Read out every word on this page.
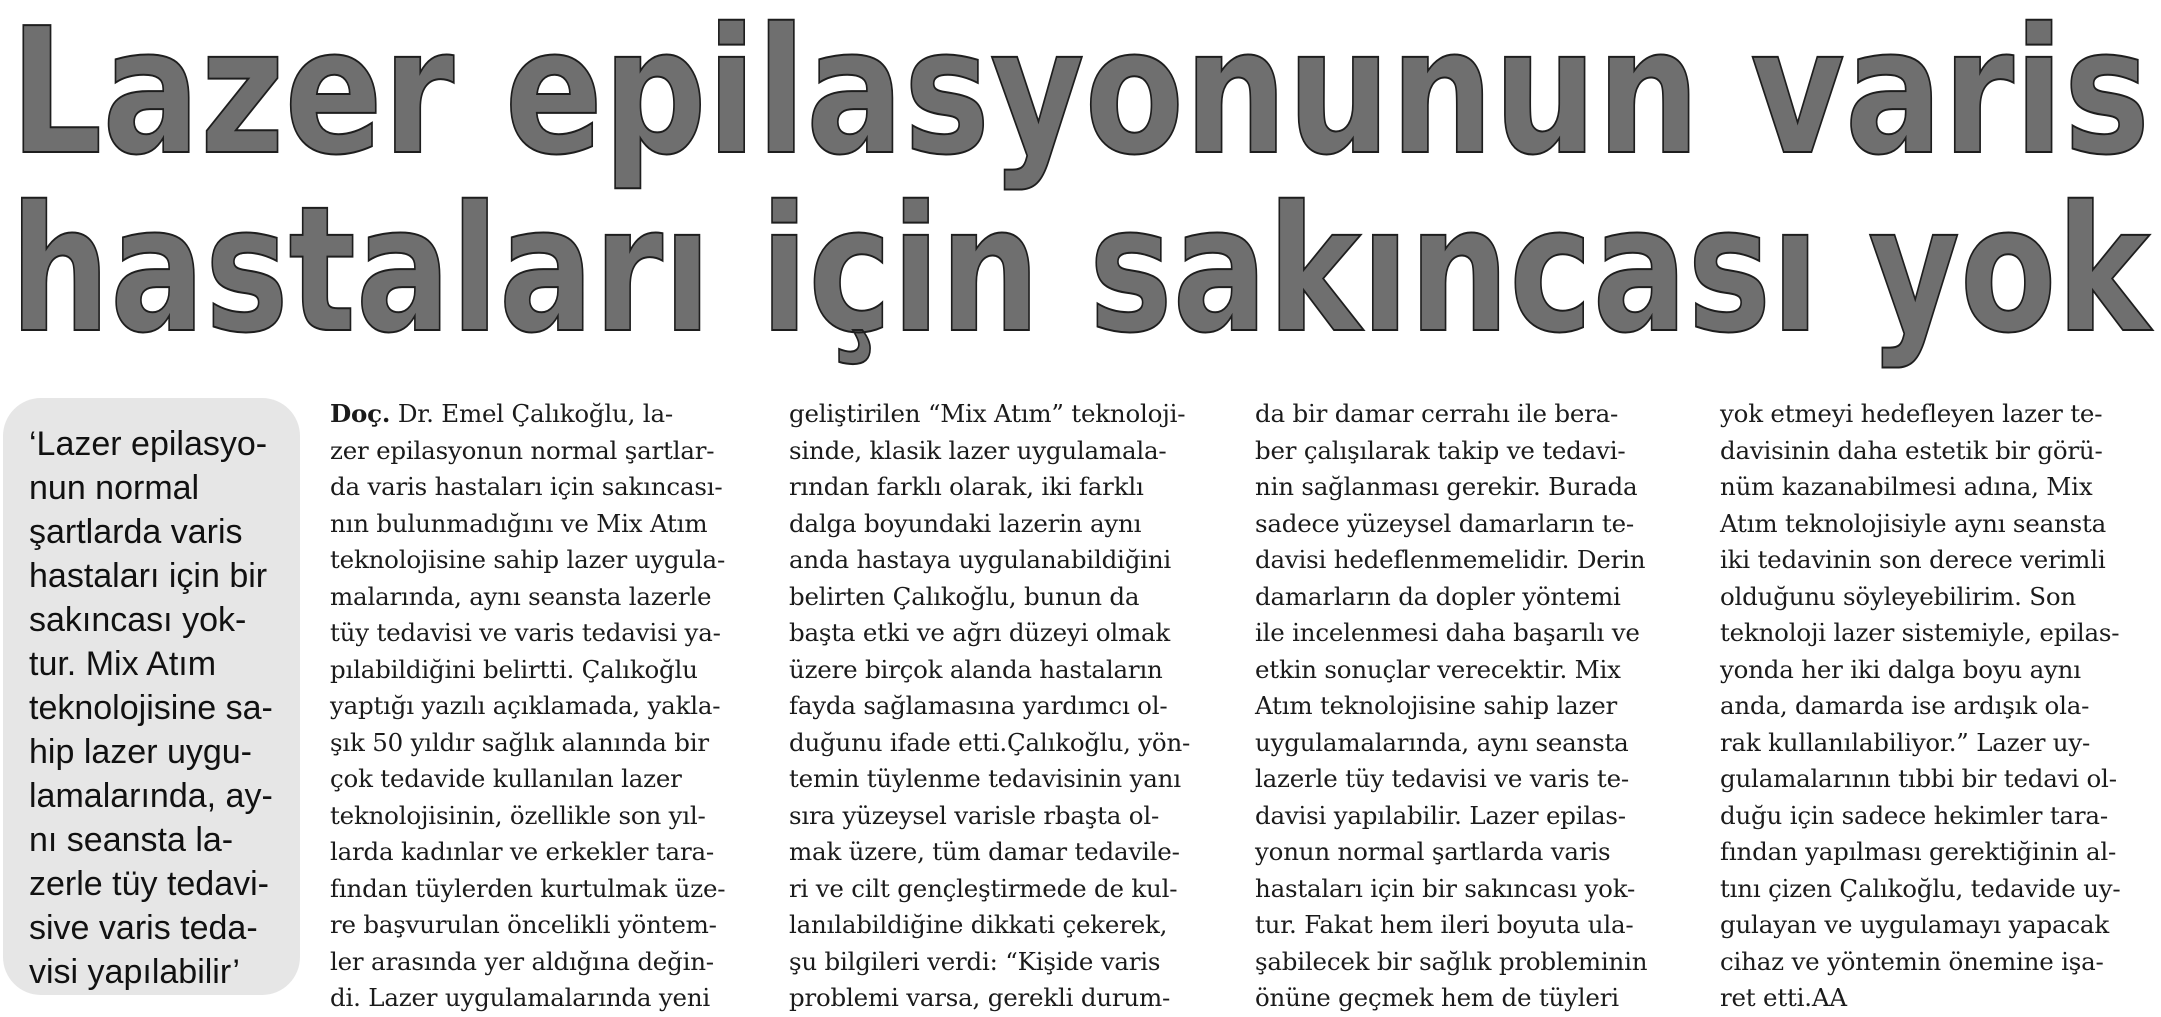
Lazer epilasyonunun varis
hastaları için sakıncası yok
‘Lazer epilasyo-
nun normal
şartlarda varis
hastaları için bir
sakıncası yok-
tur. Mix Atım
teknolojisine sa-
hip lazer uygu-
lamalarında, ay-
nı seansta la-
zerle tüy tedavi-
sive varis teda-
visi yapılabilir’
Doç. Dr. Emel Çalıkoğlu, la-
zer epilasyonun normal şartlar-
da varis hastaları için sakıncası-
nın bulunmadığını ve Mix Atım
teknolojisine sahip lazer uygula-
malarında, aynı seansta lazerle
tüy tedavisi ve varis tedavisi ya-
pılabildiğini belirtti. Çalıkoğlu
yaptığı yazılı açıklamada, yakla-
şık 50 yıldır sağlık alanında bir
çok tedavide kullanılan lazer
teknolojisinin, özellikle son yıl-
larda kadınlar ve erkekler tara-
fından tüylerden kurtulmak üze-
re başvurulan öncelikli yöntem-
ler arasında yer aldığına değin-
di. Lazer uygulamalarında yeni
geliştirilen “Mix Atım” teknoloji-
sinde, klasik lazer uygulamala-
rından farklı olarak, iki farklı
dalga boyundaki lazerin aynı
anda hastaya uygulanabildiğini
belirten Çalıkoğlu, bunun da
başta etki ve ağrı düzeyi olmak
üzere birçok alanda hastaların
fayda sağlamasına yardımcı ol-
duğunu ifade etti.Çalıkoğlu, yön-
temin tüylenme tedavisinin yanı
sıra yüzeysel varisle rbaşta ol-
mak üzere, tüm damar tedavile-
ri ve cilt gençleştirmede de kul-
lanılabildiğine dikkati çekerek,
şu bilgileri verdi: “Kişide varis
problemi varsa, gerekli durum-
da bir damar cerrahı ile bera-
ber çalışılarak takip ve tedavi-
nin sağlanması gerekir. Burada
sadece yüzeysel damarların te-
davisi hedeflenmemelidir. Derin
damarların da dopler yöntemi
ile incelenmesi daha başarılı ve
etkin sonuçlar verecektir. Mix
Atım teknolojisine sahip lazer
uygulamalarında, aynı seansta
lazerle tüy tedavisi ve varis te-
davisi yapılabilir. Lazer epilas-
yonun normal şartlarda varis
hastaları için bir sakıncası yok-
tur. Fakat hem ileri boyuta ula-
şabilecek bir sağlık probleminin
önüne geçmek hem de tüyleri
yok etmeyi hedefleyen lazer te-
davisinin daha estetik bir görü-
nüm kazanabilmesi adına, Mix
Atım teknolojisiyle aynı seansta
iki tedavinin son derece verimli
olduğunu söyleyebilirim. Son
teknoloji lazer sistemiyle, epilas-
yonda her iki dalga boyu aynı
anda, damarda ise ardışık ola-
rak kullanılabiliyor.” Lazer uy-
gulamalarının tıbbi bir tedavi ol-
duğu için sadece hekimler tara-
fından yapılması gerektiğinin al-
tını çizen Çalıkoğlu, tedavide uy-
gulayan ve uygulamayı yapacak
cihaz ve yöntemin önemine işa-
ret etti.AA
